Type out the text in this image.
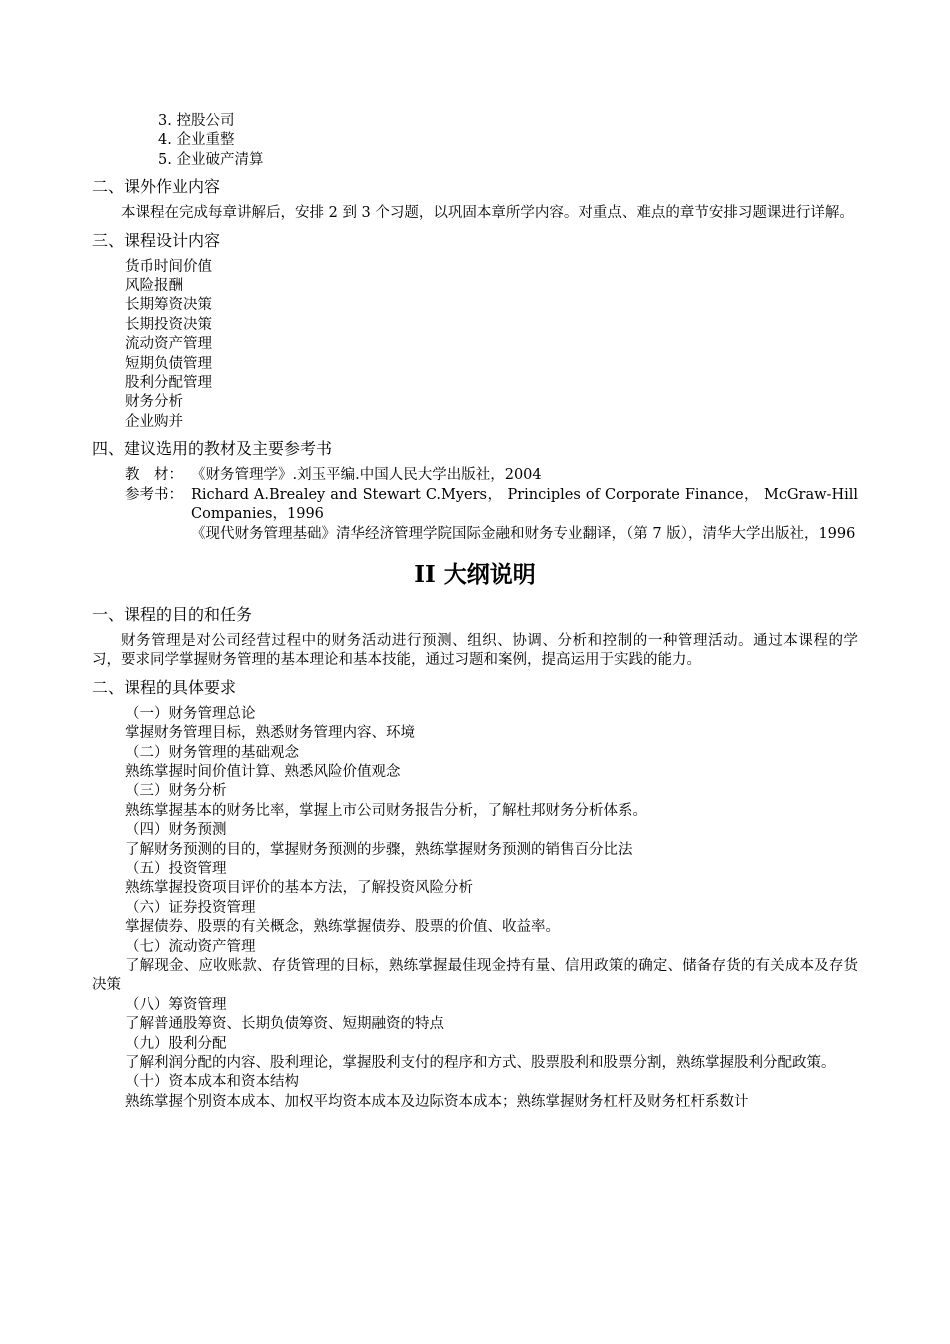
3. 控股公司
4. 企业重整
5. 企业破产清算
二、课外作业内容
本课程在完成每章讲解后，安排 2 到 3 个习题，以巩固本章所学内容。对重点、难点的章节安排习题课进行详解。
三、课程设计内容
货币时间价值
风险报酬
长期筹资决策
长期投资决策
流动资产管理
短期负债管理
股利分配管理
财务分析
企业购并
四、建议选用的教材及主要参考书
教　材： 《财务管理学》.刘玉平编.中国人民大学出版社，2004
参考书： Richard A.Brealey and Stewart C.Myers， Principles of Corporate Finance， McGraw-Hill Companies，1996
《现代财务管理基础》清华经济管理学院国际金融和财务专业翻译，（第 7 版），清华大学出版社，1996
II 大纲说明
一、课程的目的和任务
财务管理是对公司经营过程中的财务活动进行预测、组织、协调、分析和控制的一种管理活动。通过本课程的学习，要求同学掌握财务管理的基本理论和基本技能，通过习题和案例，提高运用于实践的能力。
二、课程的具体要求
（一）财务管理总论
掌握财务管理目标，熟悉财务管理内容、环境
（二）财务管理的基础观念
熟练掌握时间价值计算、熟悉风险价值观念
（三）财务分析
熟练掌握基本的财务比率，掌握上市公司财务报告分析，了解杜邦财务分析体系。
（四）财务预测
了解财务预测的目的，掌握财务预测的步骤，熟练掌握财务预测的销售百分比法
（五）投资管理
熟练掌握投资项目评价的基本方法，了解投资风险分析
（六）证券投资管理
掌握债券、股票的有关概念，熟练掌握债券、股票的价值、收益率。
（七）流动资产管理
了解现金、应收账款、存货管理的目标，熟练掌握最佳现金持有量、信用政策的确定、储备存货的有关成本及存货决策
（八）筹资管理
了解普通股筹资、长期负债筹资、短期融资的特点
（九）股利分配
了解利润分配的内容、股利理论，掌握股利支付的程序和方式、股票股利和股票分割，熟练掌握股利分配政策。
（十）资本成本和资本结构
熟练掌握个别资本成本、加权平均资本成本及边际资本成本；熟练掌握财务杠杆及财务杠杆系数计
